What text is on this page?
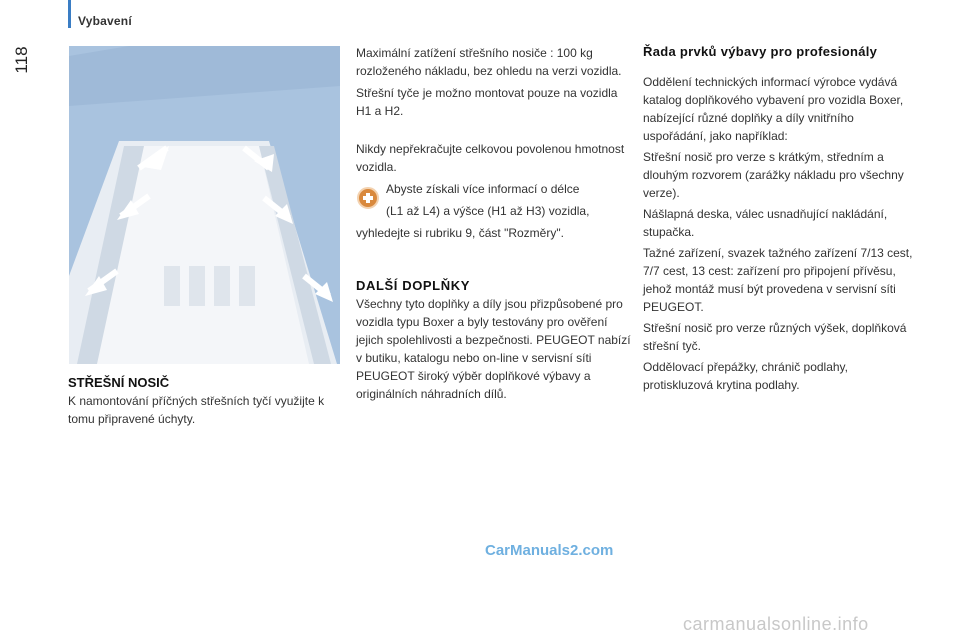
Vybavení
118
STŘEŠNÍ NOSIČ

K namontování příčných střešních tyčí využijte k tomu připravené úchyty.

Maximální zatížení střešního nosiče : 100 kg rozloženého nákladu, bez ohledu na verzi vozidla.

Střešní tyče je možno montovat pouze na vozidla H1 a H2.

Nikdy nepřekračujte celkovou povolenou hmotnost vozidla.

Abyste získali více informací o délce

(L1 až L4) a výšce (H1 až H3) vozidla,

vyhledejte si rubriku 9, část "Rozměry".

DALŠÍ DOPLŇKY

Všechny tyto doplňky a díly jsou přizpůsobené pro vozidla typu Boxer a byly testovány pro ověření jejich spolehlivosti a bezpečnosti. PEUGEOT nabízí v butiku, katalogu nebo on-line v servisní síti PEUGEOT široký výběr doplňkové výbavy a originálních náhradních dílů.

Řada prvků výbavy pro profesionály

Oddělení technických informací výrobce vydává katalog doplňkového vybavení pro vozidla Boxer, nabízející různé doplňky a díly vnitřního uspořádání, jako například:

Střešní nosič pro verze s krátkým, středním a dlouhým rozvorem (zarážky nákladu pro všechny verze).

Nášlapná deska, válec usnadňující nakládání, stupačka.

Tažné zařízení, svazek tažného zařízení 7/13 cest, 7/7 cest, 13 cest: zařízení pro připojení přívěsu, jehož montáž musí být provedena v servisní síti PEUGEOT.

Střešní nosič pro verze různých výšek, doplňková střešní tyč.

Oddělovací přepážky, chránič podlahy, protiskluzová krytina podlahy.

CarManuals2.com
carmanualsonline.info
